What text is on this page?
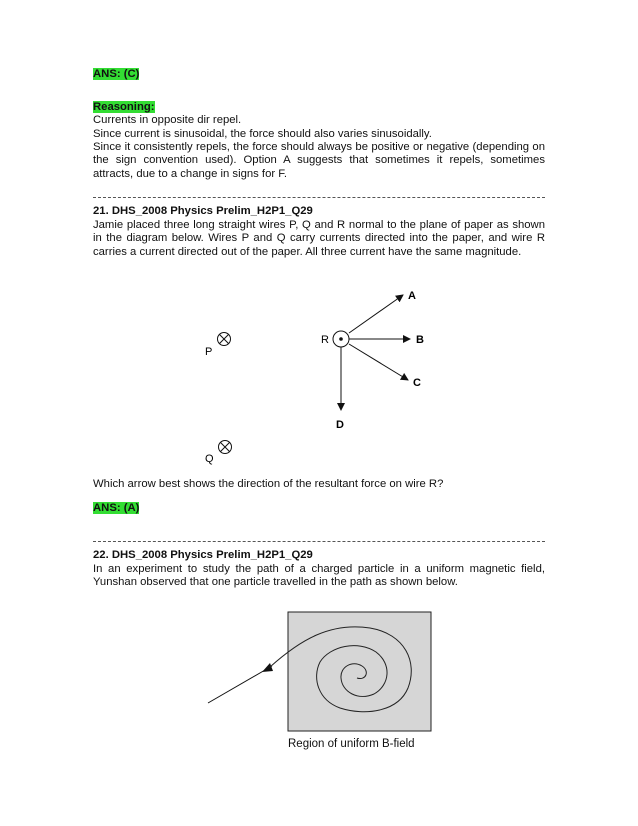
ANS: (C)

Reasoning:

Currents in opposite dir repel.

Since current is sinusoidal, the force should also varies sinusoidally.

Since it consistently repels, the force should always be positive or negative (depending on the sign convention used). Option A suggests that sometimes it repels, sometimes attracts, due to a change in signs for F.

21. DHS_2008 Physics Prelim_H2P1_Q29

Jamie placed three long straight wires P, Q and R normal to the plane of paper as shown in the diagram below. Wires P and Q carry currents directed into the paper, and wire R carries a current directed out of the paper. All three current have the same magnitude.

P
Q
R
A
B
C
D

Which arrow best shows the direction of the resultant force on wire R?

ANS: (A)

22. DHS_2008 Physics Prelim_H2P1_Q29

In an experiment to study the path of a charged particle in a uniform magnetic field, Yunshan observed that one particle travelled in the path as shown below.

Region of uniform B-field
